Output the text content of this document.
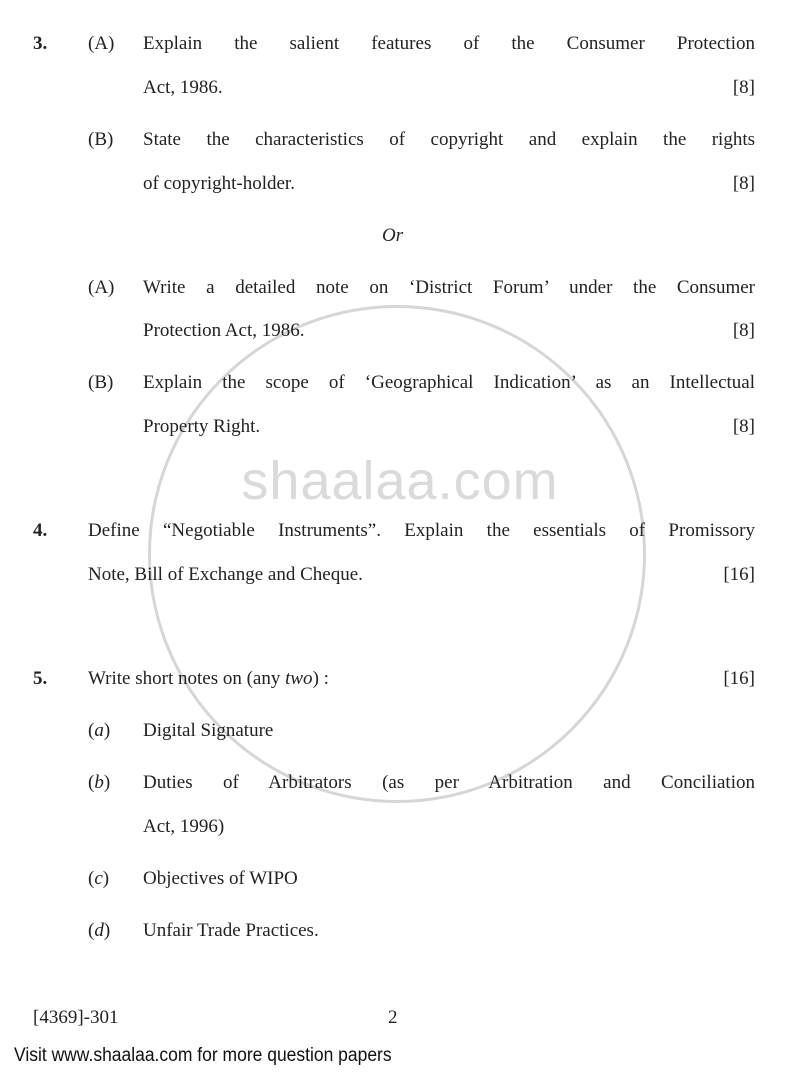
shaalaa.com
3. (A) Explain the salient features of the Consumer Protection
Act, 1986.	[8]
(B) State the characteristics of copyright and explain the rights
of copyright-holder.	[8]
Or
(A) Write a detailed note on ‘District Forum’ under the Consumer
Protection Act, 1986.	[8]
(B) Explain the scope of ‘Geographical Indication’ as an Intellectual
Property Right.	[8]
4. Define “Negotiable Instruments”. Explain the essentials of Promissory
Note, Bill of Exchange and Cheque.	[16]
5. Write short notes on (any two) :	[16]
(a) Digital Signature
(b) Duties of Arbitrators (as per Arbitration and Conciliation
Act, 1996)
(c) Objectives of WIPO
(d) Unfair Trade Practices.
[4369]-301	2
Visit www.shaalaa.com for more question papers
